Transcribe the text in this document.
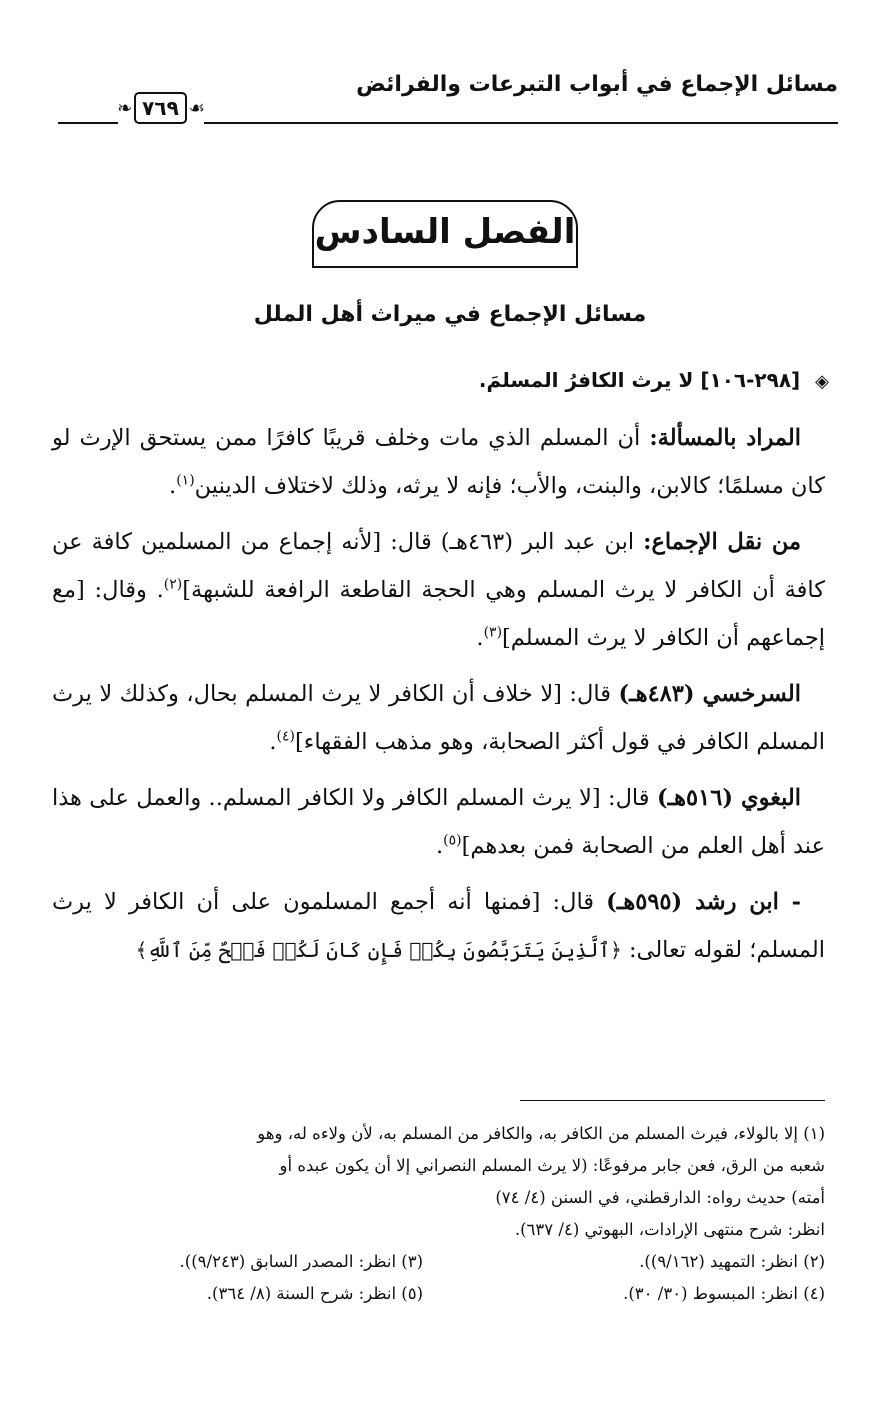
مسائل الإجماع في أبواب التبرعات والفرائض
❧ ٧٦٩ ☙
الفصل السادس
مسائل الإجماع في ميراث أهل الملل
◈ [٢٩٨-١٠٦] لا يرث الكافرُ المسلمَ.

المراد بالمسألة: أن المسلم الذي مات وخلف قريبًا كافرًا ممن يستحق الإرث لو كان مسلمًا؛ كالابن، والبنت، والأب؛ فإنه لا يرثه، وذلك لاختلاف الدينين$^{(١)}$.

من نقل الإجماع: ابن عبد البر (٤٦٣هـ) قال: [لأنه إجماع من المسلمين كافة عن كافة أن الكافر لا يرث المسلم وهي الحجة القاطعة الرافعة للشبهة]$^{(٢)}$. وقال: [مع إجماعهم أن الكافر لا يرث المسلم]$^{(٣)}$.

السرخسي (٤٨٣هـ) قال: [لا خلاف أن الكافر لا يرث المسلم بحال، وكذلك لا يرث المسلم الكافر في قول أكثر الصحابة، وهو مذهب الفقهاء]$^{(٤)}$.

البغوي (٥١٦هـ) قال: [لا يرث المسلم الكافر ولا الكافر المسلم.. والعمل على هذا عند أهل العلم من الصحابة فمن بعدهم]$^{(٥)}$.

- ابن رشد (٥٩٥هـ) قال: [فمنها أنه أجمع المسلمون على أن الكافر لا يرث المسلم؛ لقوله تعالى: ﴿ٱلَّذِينَ يَتَرَبَّصُونَ بِكُمۡ فَإِن كَانَ لَكُمۡ فَتۡحٌ مِّنَ ٱللَّهِ﴾

(١) إلا بالولاء، فيرث المسلم من الكافر به، والكافر من المسلم به، لأن ولاءه له، وهو

شعبه من الرق، فعن جابر مرفوعًا: (لا يرث المسلم النصراني إلا أن يكون عبده أو

أمته) حديث رواه: الدارقطني، في السنن (٤/ ٧٤)

انظر: شرح منتهى الإرادات، البهوتي (٤/ ٦٣٧).

(٢) انظر: التمهيد (٩/١٦٢)).

(٤) انظر: المبسوط (٣٠/ ٣٠).

(٣) انظر: المصدر السابق (٩/٢٤٣)).

(٥) انظر: شرح السنة (٨/ ٣٦٤).
